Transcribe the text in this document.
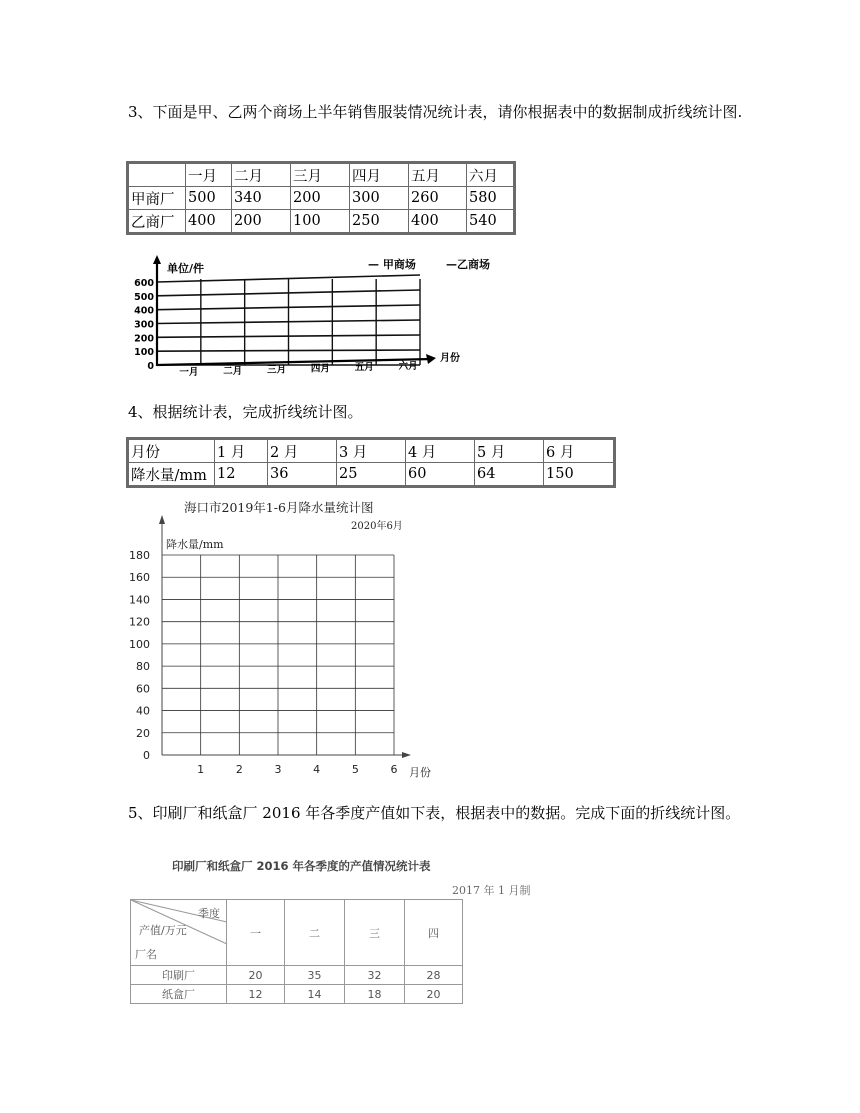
3、下面是甲、乙两个商场上半年销售服装情况统计表，请你根据表中的数据制成折线统计图.

	一月	二月	三月	四月	五月	六月
甲商厂	500	340	200	300	260	580
乙商厂	400	200	100	250	400	540
600
500
400
300
200
100
0
单位/件	— 甲商场	—乙商场
一月	二月	三月	四月	五月	六月
月份

4、根据统计表，完成折线统计图。

月份	1 月	2 月	3 月	4 月	5 月	6 月
降水量/mm	12	36	25	60	64	150
180
160
140
120
100
80
60
40
20
0
1	2	3	4	5	6
海口市2019年1-6月降水量统计图
2020年6月
降水量/mm
月份

5、印刷厂和纸盒厂 2016 年各季度产值如下表，根据表中的数据。完成下面的折线统计图。

印刷厂和纸盒厂 2016 年各季度的产值情况统计表
2017 年 1 月制
季度
产值/万元
厂名	一	二	三	四
印刷厂	20	35	32	28
纸盒厂	12	14	18	20
